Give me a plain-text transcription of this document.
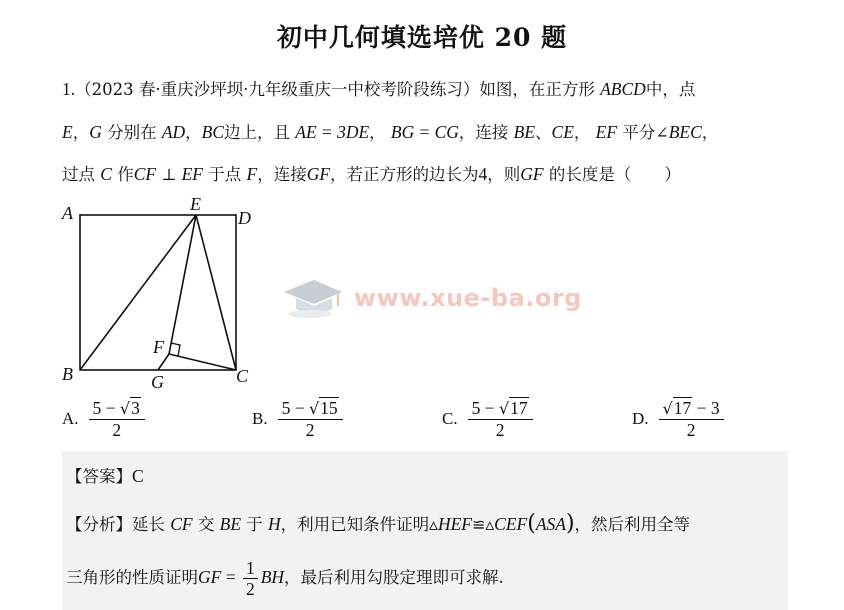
初中几何填选培优 20 题
1.（2023 春·重庆沙坪坝·九年级重庆一中校考阶段练习）如图，在正方形 ABCD中，点
E，G 分别在 AD，BC边上，且 AE = 3DE， BG = CG，连接 BE、CE， EF 平分∠BEC，
过点 C 作CF ⊥ EF 于点 F，连接GF，若正方形的边长为4，则GF 的长度是（　　）
A	D
E
F
B	G	C
www.xue-ba.org
A. $\frac{5 - √3}{2}$	B. $\frac{5 - √15}{2}$	C. $\frac{5 - √17}{2}$	D. $\frac{√17 - 3}{2}$
【答案】C
【分析】延长 CF 交 BE 于 H，利用已知条件证明▵HEF≌▵CEF(ASA)，然后利用全等
三角形的性质证明GF = $\frac{1}{2}$ BH，最后利用勾股定理即可求解.
